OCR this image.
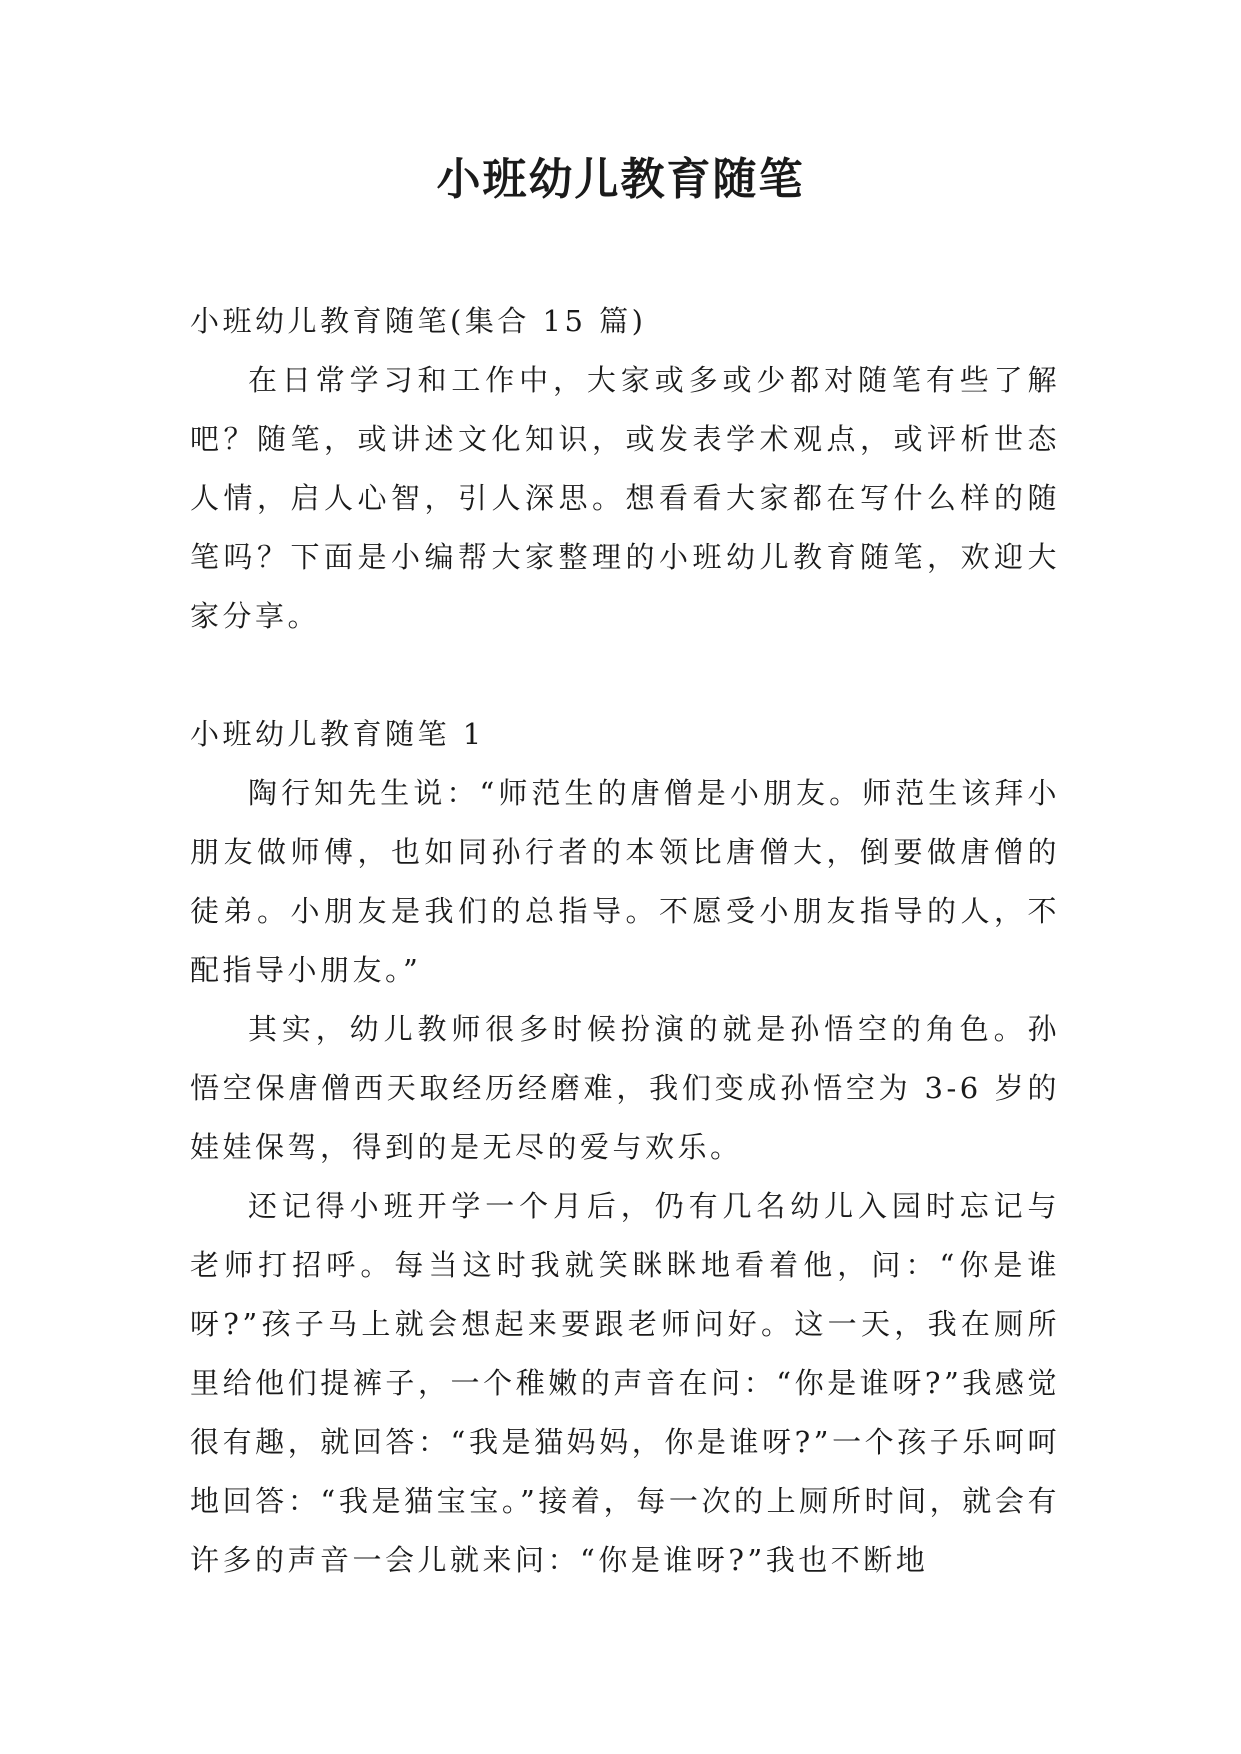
小班幼儿教育随笔

小班幼儿教育随笔(集合 15 篇)

在日常学习和工作中，大家或多或少都对随笔有些了解吧？随笔，或讲述文化知识，或发表学术观点，或评析世态人情，启人心智，引人深思。想看看大家都在写什么样的随笔吗？下面是小编帮大家整理的小班幼儿教育随笔，欢迎大家分享。

小班幼儿教育随笔 1

陶行知先生说：“师范生的唐僧是小朋友。师范生该拜小朋友做师傅，也如同孙行者的本领比唐僧大，倒要做唐僧的徒弟。小朋友是我们的总指导。不愿受小朋友指导的人，不配指导小朋友。”

其实，幼儿教师很多时候扮演的就是孙悟空的角色。孙悟空保唐僧西天取经历经磨难，我们变成孙悟空为 3-6 岁的娃娃保驾，得到的是无尽的爱与欢乐。

还记得小班开学一个月后，仍有几名幼儿入园时忘记与老师打招呼。每当这时我就笑眯眯地看着他，问：“你是谁呀?”孩子马上就会想起来要跟老师问好。这一天，我在厕所里给他们提裤子，一个稚嫩的声音在问：“你是谁呀?”我感觉很有趣，就回答：“我是猫妈妈，你是谁呀?”一个孩子乐呵呵地回答：“我是猫宝宝。”接着，每一次的上厕所时间，就会有许多的声音一会儿就来问：“你是谁呀?”我也不断地
